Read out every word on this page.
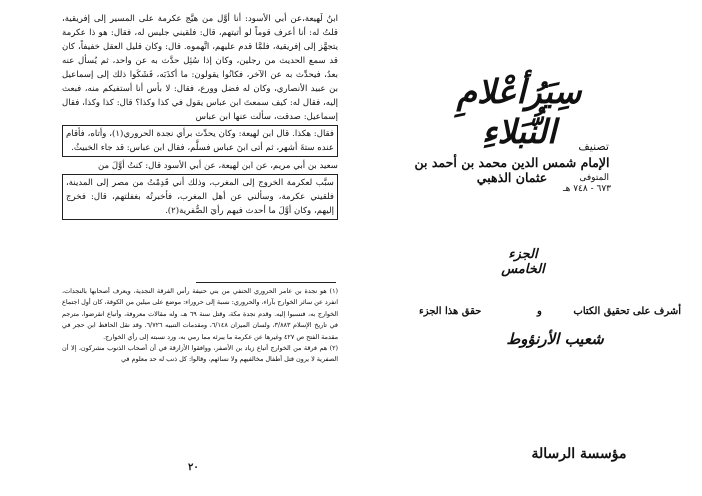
ابنُ لَهيعة،عن أبي الأسود: أنا أوَّل من هيَّج عكرمة على المسير إلى إفريقية، قلتُ له: أنا أعرف قوماً لو أتيتهم، قال: فلقيني جليس له، فقال: هو ذا عكرمة يتجهَّز إلى إفريقية، فلمَّا قدم عليهم، اتَّهموه. قال: وكان قليل العقل خفيفاً، كان قد سمع الحديث من رجلين، وكان إذا سُئِل حدَّث به عن واحد، ثم يُسأل عنه بعدُ، فيحدِّث به عن الآخر، فكانُوا يقولون: ما أكذَبَه، فَشَكَوا ذلك إلى إسماعيل بن عبيد الأنصاري، وكان له فضل وورع، فقال: لا بأس أنا أستفيكم منه، فبعث إليه، فقال له: كيف سمعتَ ابن عباس يقول في كذا وكذا؟ قال: كذا وكذا، فقال إسماعيل: صدقت، سألت عنها ابن عباس

فقال: هكذا. قال ابن لهيعة: وكان يحدِّث برأي نجدة الحروري(١)، وأتاه، فأقام عنده ستةَ أشهر، ثم أتى ابنَ عباس فسلَّم، فقال ابن عباس: قد جاء الخبيثُ.

سعيد بن أبي مريم، عن ابن لهيعة، عن أبي الأسود قال: كنتُ أوَّلَ من

سبَّب لعكرمة الخروج إلى المغرب، وذلك أني قَدِمْتُ من مصر إلى المدينة، فلقيني عكرمة، وسألني عن أهل المغرب، فأخبرتُه بغفلتهم، قال: فخرج إليهم، وكان أوَّلَ ما أحدث فيهم رأيَ الصُّفرية(٢).

(١) هو نجدة بن عامر الحروري الحنفي من بني حنيفة رأس الفرقة النجدية، ويعرف أصحابها بالنجدات، انفرد عن سائر الخوارج بآراء، والحروري: نسبة إلى حروراء: موضع على ميلين من الكوفة، كان أول اجتماع الخوارج به، فنسبوا إليه. وقدم نجدة مكة، وقتل سنة ٦٩ هـ، وله مقالات معروفة، وأتباع انقرضوا، مترجم في تاريخ الإسلام ٣/٨٨٣، ولسان الميزان ٦/١٤٨، ومقدمات التنبيه ٦/٧٢٦. وقد نقل الحافظ ابن حجر في مقدمة الفتح ص ٤٢٧ وغيرها عن عكرمة ما يبرئه مما رمي به، ورد نسبته إلى رأي الخوارج.

(٢) هم فرقة من الخوارج أتباع زياد بن الأصفر، ووافقوا الأزارقة في أن أصحاب الذنوب مشركون، إلا أن الصفرية لا يرون قتل أطفال مخالفيهم ولا نسائهم، وقالوا: كل ذنب له حد معلوم في

٢٠
سِيَرُأعْلامِ النُّبَلاءِ	تصنيف
الإمام شمس الدين محمد بن أحمد بن عثمان الذهبي	المتوفى
٦٧٣ - ٧٤٨ هـ
الجزء الخامس
أشرف على تحقيق الكتاب
و
حقق هذا الجزء
شعيب الأرنؤوط
مؤسسة الرسالة
